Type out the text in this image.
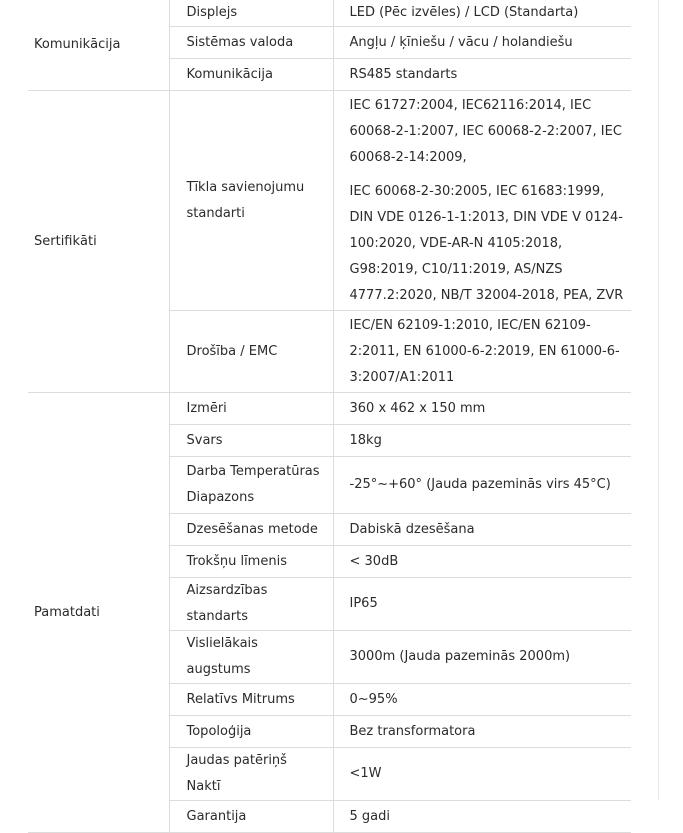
Komunikācija	Displejs	LED (Pēc izvēles) / LCD (Standarta)
	Sistēmas valoda	Angļu / ķīniešu / vācu / holandiešu
	Komunikācija	RS485 standarts
Sertifikāti	Tīkla savienojumu standarti	IEC 61727:2004, IEC62116:2014, IEC 60068-2-1:2007, IEC 60068-2-2:2007, IEC 60068-2-14:2009,
IEC 60068-2-30:2005, IEC 61683:1999, DIN VDE 0126-1-1:2013, DIN VDE V 0124-100:2020, VDE-AR-N 4105:2018, G98:2019, C10/11:2019, AS/NZS 4777.2:2020, NB/T 32004-2018, PEA, ZVR

	Drošība / EMC	IEC/EN 62109-1:2010, IEC/EN 62109-2:2011, EN 61000-6-2:2019, EN 61000-6-3:2007/A1:2011
Pamatdati	Izmēri	360 x 462 x 150 mm
	Svars	18kg
	Darba Temperatūras Diapazons	-25°~+60° (Jauda pazeminās virs 45°C)
	Dzesēšanas metode	Dabiskā dzesēšana
	Trokšņu līmenis	< 30dB
	Aizsardzības standarts	IP65
	Vislielākais augstums	3000m (Jauda pazeminās 2000m)
	Relatīvs Mitrums	0~95%
	Topoloģija	Bez transformatora
	Jaudas patēriņš Naktī	<1W
	Garantija	5 gadi
